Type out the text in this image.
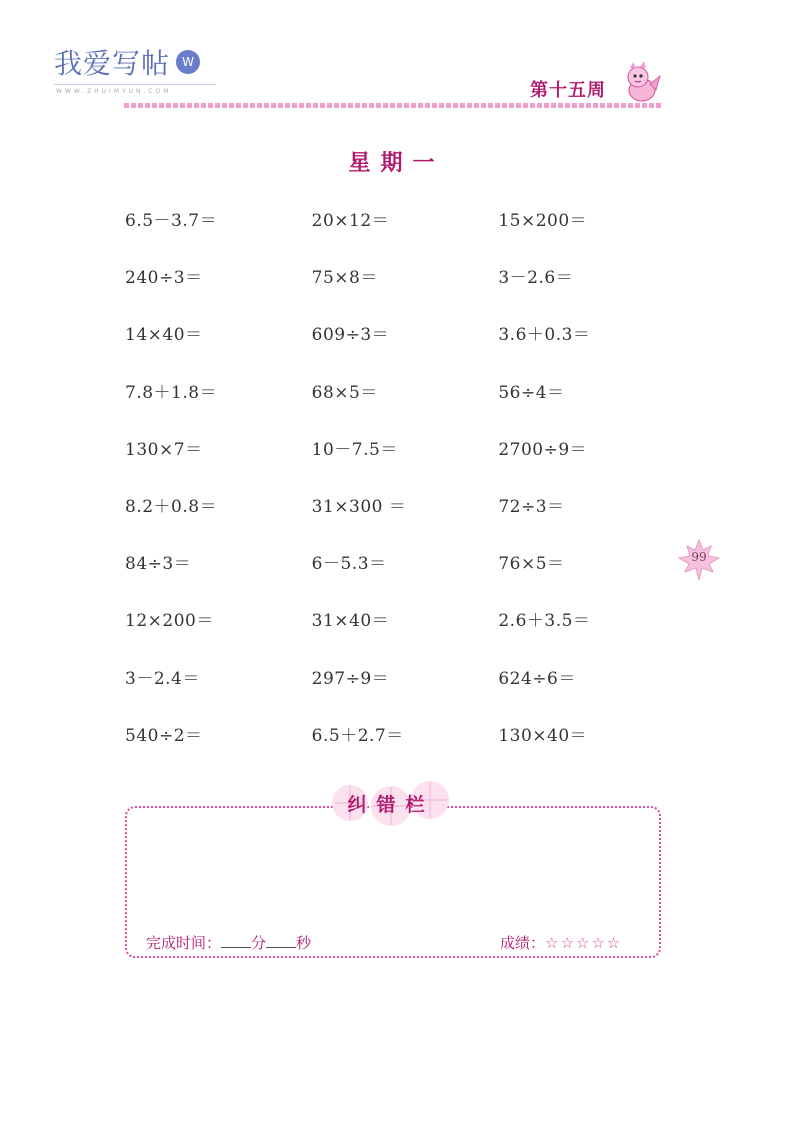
我爱写帖	W
WWW.ZHUIMYUN.COM	第十五周
星期一
6.5－3.7＝	20×12＝	15×200＝
240÷3＝	75×8＝	3－2.6＝
14×40＝	609÷3＝	3.6＋0.3＝
7.8＋1.8＝	68×5＝	56÷4＝
130×7＝	10－7.5＝	2700÷9＝
8.2＋0.8＝	31×300 ＝	72÷3＝
84÷3＝	6－5.3＝	76×5＝
12×200＝	31×40＝	2.6＋3.5＝
3－2.4＝	297÷9＝	624÷6＝
540÷2＝	6.5＋2.7＝	130×40＝
99
纠错栏
完成时间： 分 秒	成绩：☆☆☆☆☆
